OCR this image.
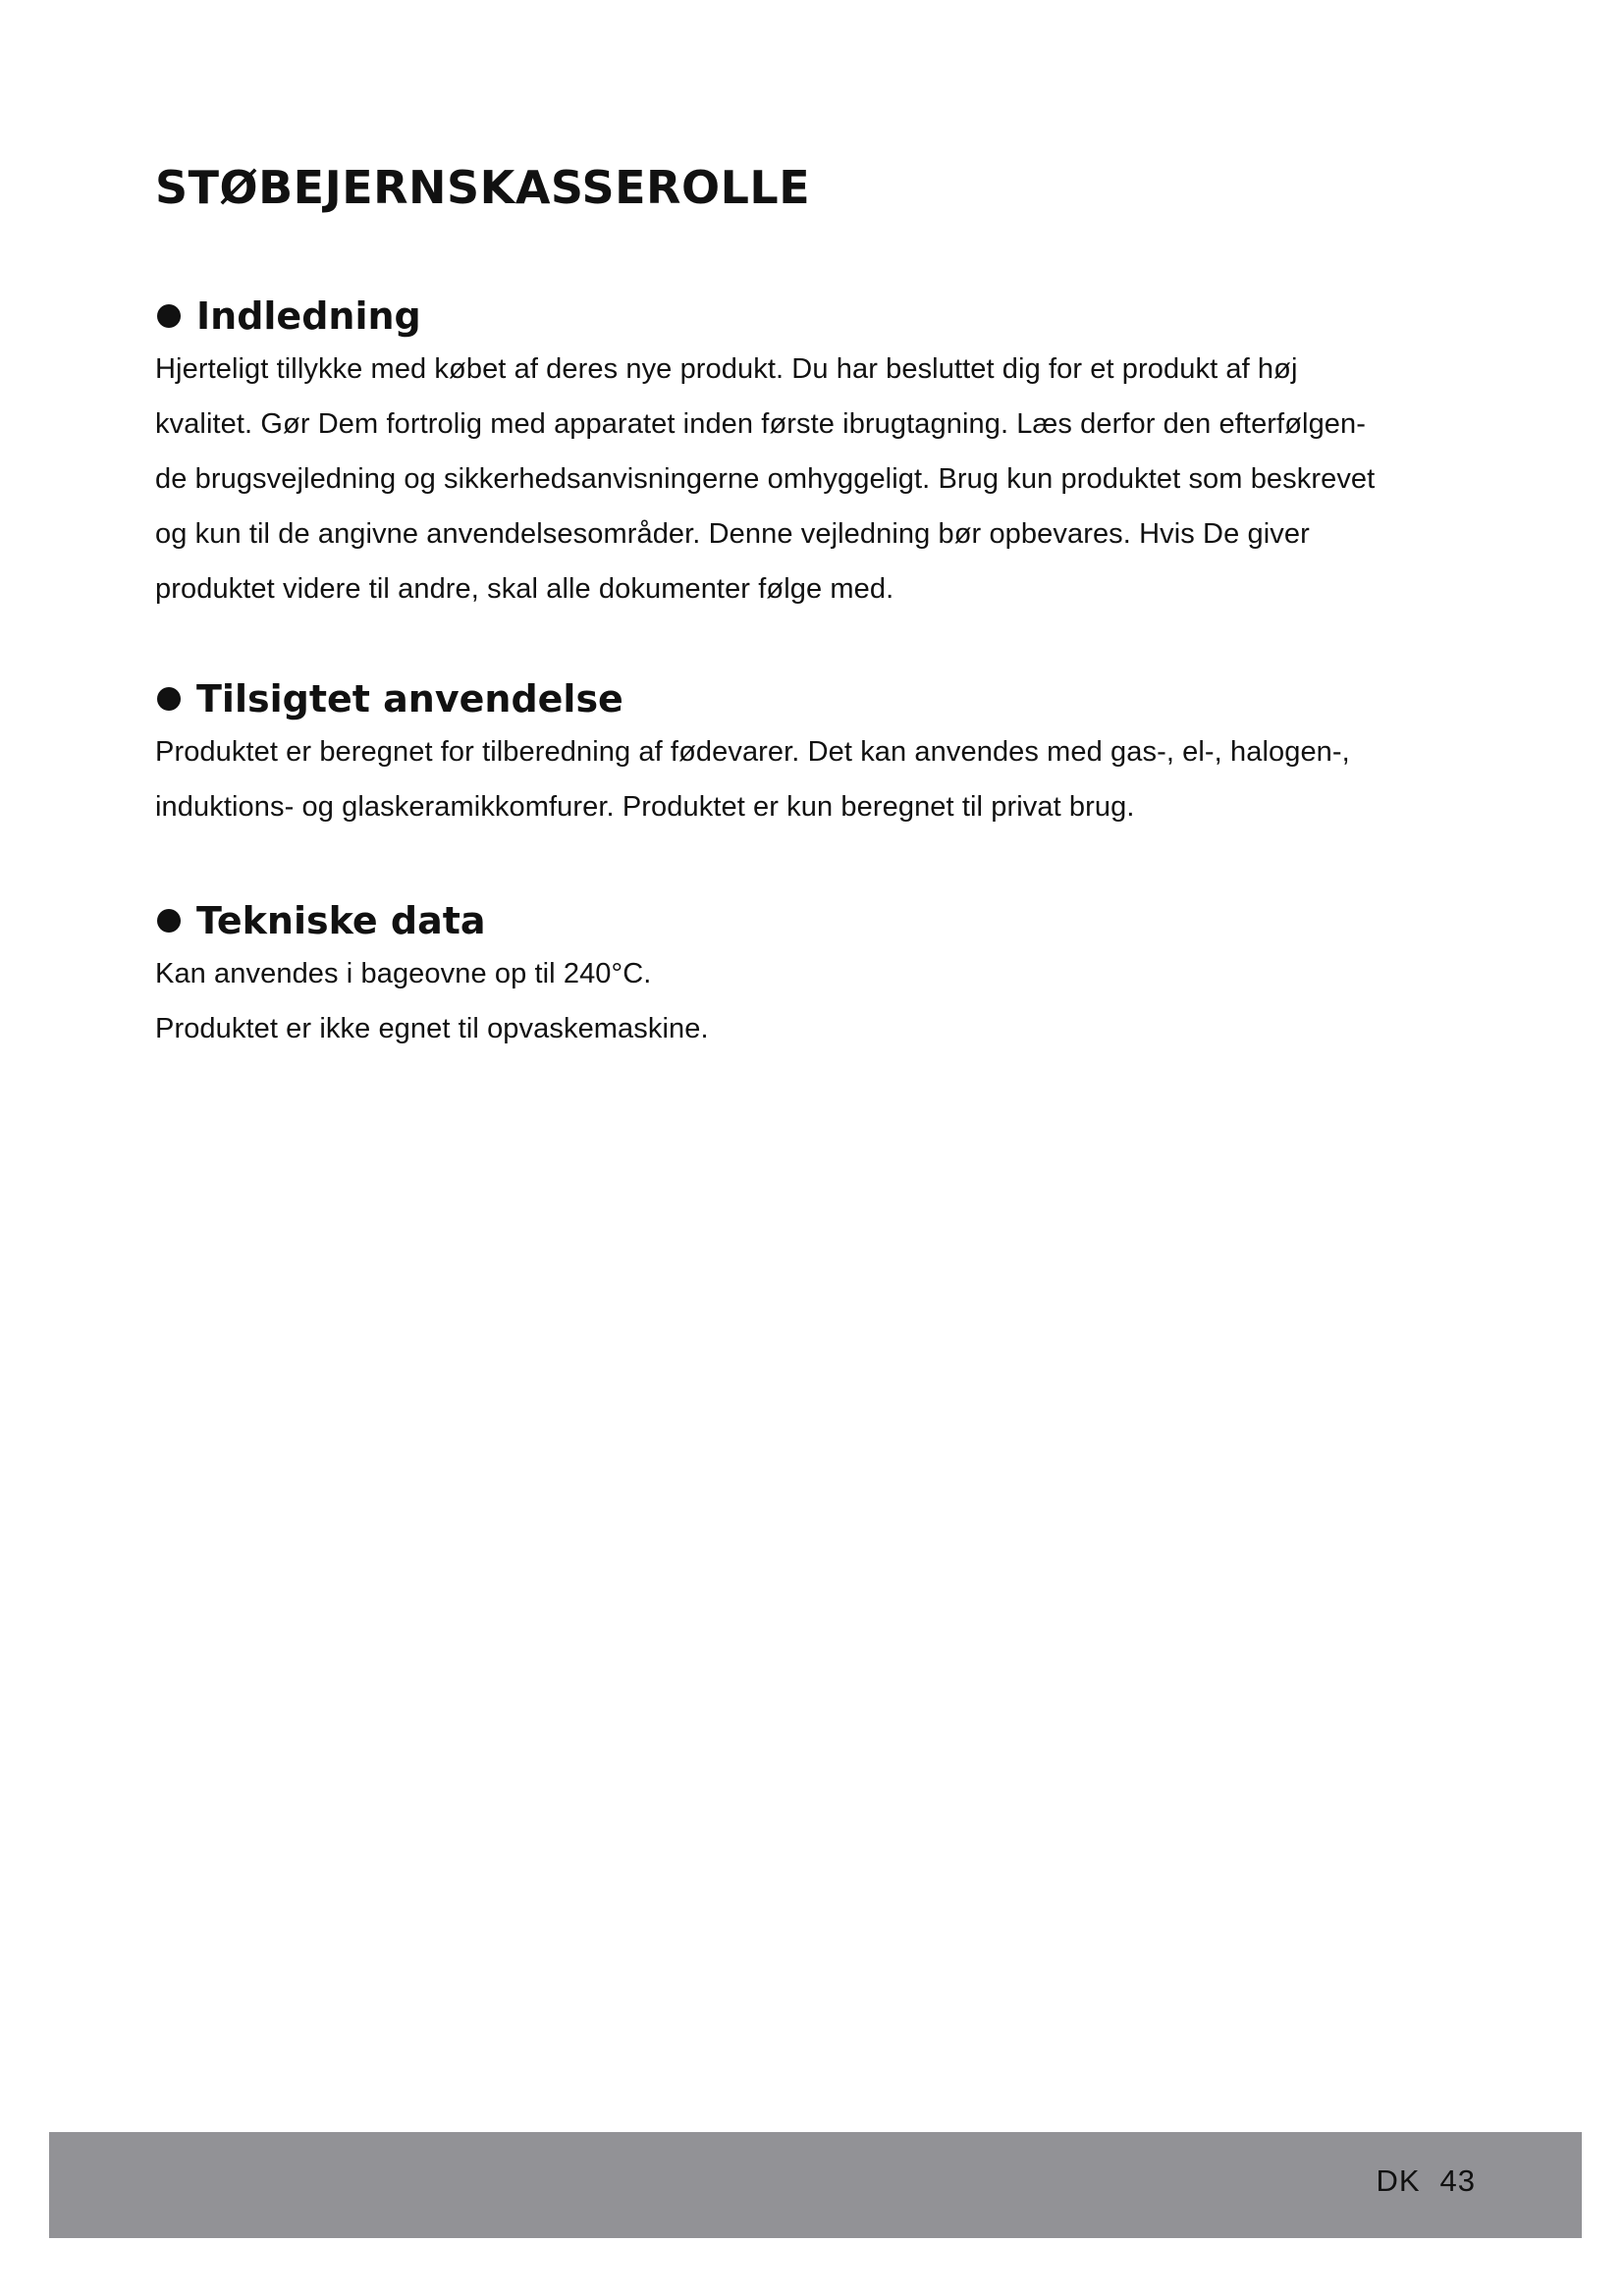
STØBEJERNSKASSEROLLE
Indledning

Hjerteligt tillykke med købet af deres nye produkt. Du har besluttet dig for et produkt af høj
kvalitet. Gør Dem fortrolig med apparatet inden første ibrugtagning. Læs derfor den efterfølgen-
de brugsvejledning og sikkerhedsanvisningerne omhyggeligt. Brug kun produktet som beskrevet
og kun til de angivne anvendelsesområder. Denne vejledning bør opbevares. Hvis De giver
produktet videre til andre, skal alle dokumenter følge med.

Tilsigtet anvendelse

Produktet er beregnet for tilberedning af fødevarer. Det kan anvendes med gas-, el-, halogen-,
induktions- og glaskeramikkomfurer. Produktet er kun beregnet til privat brug.

Tekniske data

Kan anvendes i bageovne op til 240°C.
Produktet er ikke egnet til opvaskemaskine.

DK 43
